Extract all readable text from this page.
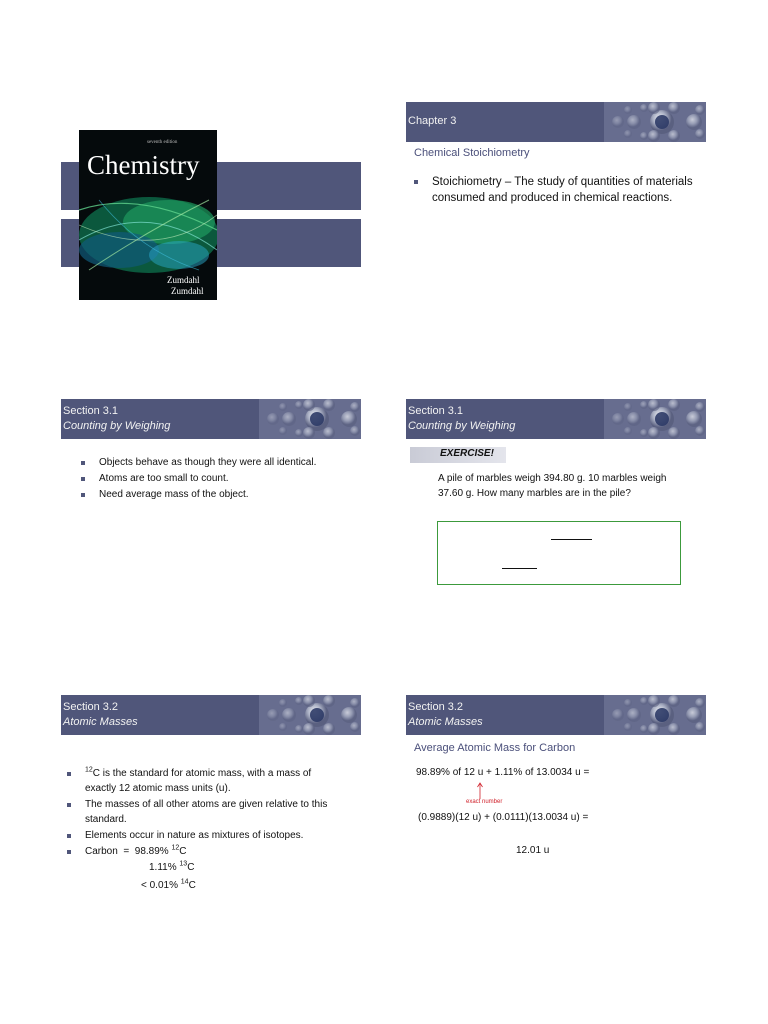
seventh edition
Chemistry
Zumdahl
Zumdahl
Chapter 3
Chemical Stoichiometry
Stoichiometry – The study of quantities of materials consumed and produced in chemical reactions.
Section 3.1
Counting by Weighing
Objects behave as though they were all identical.
Atoms are too small to count.
Need average mass of the object.
Section 3.1
Counting by Weighing
EXERCISE!
A pile of marbles weigh 394.80 g. 10 marbles weigh 37.60 g. How many marbles are in the pile?
Section 3.2
Atomic Masses
$^{12}$C is the standard for atomic mass, with a mass of exactly 12 atomic mass units (u).
The masses of all other atoms are given relative to this standard.
Elements occur in nature as mixtures of isotopes.
Carbon  = 98.89% $^{12}$C
1.11% $^{13}$C
< 0.01% $^{14}$C
Section 3.2
Atomic Masses
Average Atomic Mass for Carbon
98.89% of 12 u + 1.11% of 13.0034 u =
exact number
(0.9889)(12 u) + (0.0111)(13.0034 u) =
12.01 u
